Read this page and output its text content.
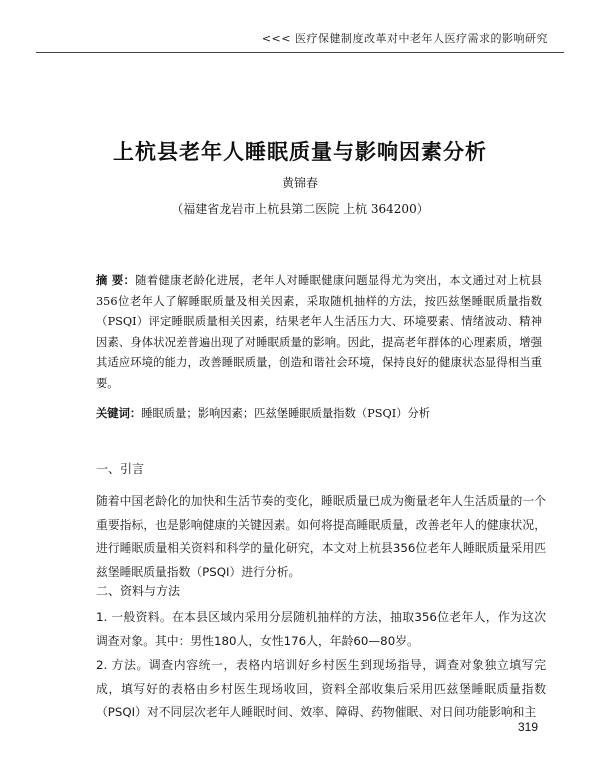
<<< 医疗保健制度改革对中老年人医疗需求的影响研究
上杭县老年人睡眠质量与影响因素分析
黄锦春
（福建省龙岩市上杭县第二医院 上杭 364200）
摘 要：随着健康老龄化进展，老年人对睡眠健康问题显得尤为突出，本文通过对上杭县356位老年人了解睡眠质量及相关因素，采取随机抽样的方法，按匹兹堡睡眠质量指数（PSQI）评定睡眠质量相关因素，结果老年人生活压力大、环境要素、情绪波动、精神因素、身体状况差普遍出现了对睡眠质量的影响。因此，提高老年群体的心理素质，增强其适应环境的能力，改善睡眠质量，创造和谐社会环境，保持良好的健康状态显得相当重要。
关键词：睡眠质量；影响因素；匹兹堡睡眠质量指数（PSQI）分析
一、引言
随着中国老龄化的加快和生活节奏的变化，睡眠质量已成为衡量老年人生活质量的一个重要指标，也是影响健康的关键因素。如何将提高睡眠质量，改善老年人的健康状况，进行睡眠质量相关资料和科学的量化研究，本文对上杭县356位老年人睡眠质量采用匹兹堡睡眠质量指数（PSQI）进行分析。
二、资料与方法
1. 一般资料。在本县区域内采用分层随机抽样的方法，抽取356位老年人，作为这次调查对象。其中：男性180人，女性176人，年龄60—80岁。
2. 方法。调查内容统一，表格内培训好乡村医生到现场指导，调查对象独立填写完成，填写好的表格由乡村医生现场收回，资料全部收集后采用匹兹堡睡眠质量指数（PSQI）对不同层次老年人睡眠时间、效率、障碍、药物催眠、对日间功能影响和主
319
